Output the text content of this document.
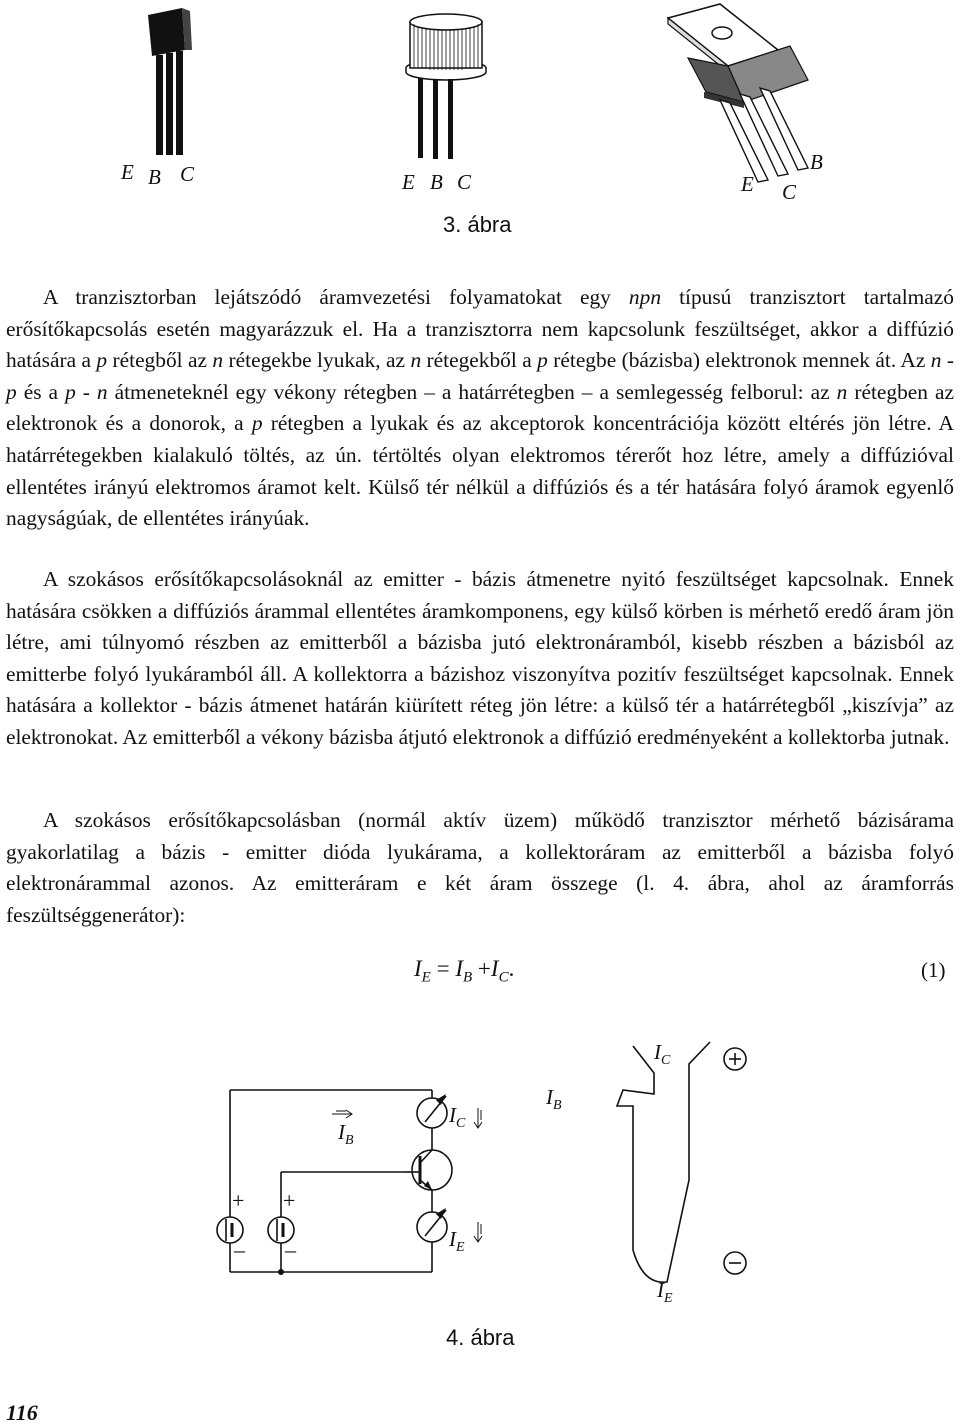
E B C	E B C	E C
B
3. ábra

A tranzisztorban lejátszódó áramvezetési folyamatokat egy npn típusú tranzisztort tartalmazó erősítőkapcsolás esetén magyarázzuk el. Ha a tranzisztorra nem kapcsolunk feszültséget, akkor a diffúzió hatására a p rétegből az n rétegekbe lyukak, az n rétegekből a p rétegbe (bázisba) elektronok mennek át. Az n - p és a p - n átmeneteknél egy vékony rétegben – a határrétegben – a semlegesség felborul: az n rétegben az elektronok és a donorok, a p rétegben a lyukak és az akceptorok koncentrációja között eltérés jön létre. A határrétegekben kialakuló töltés, az ún. tértöltés olyan elektromos térerőt hoz létre, amely a diffúzióval ellentétes irányú elektromos áramot kelt. Külső tér nélkül a diffúziós és a tér hatására folyó áramok egyenlő nagyságúak, de ellentétes irányúak.

A szokásos erősítőkapcsolásoknál az emitter - bázis átmenetre nyitó feszültséget kapcsolnak. Ennek hatására csökken a diffúziós árammal ellentétes áramkomponens, egy külső körben is mérhető eredő áram jön létre, ami túlnyomó részben az emitterből a bázisba jutó elektronáramból, kisebb részben a bázisból az emitterbe folyó lyukáramból áll. A kollektorra a bázishoz viszonyítva pozitív feszültséget kapcsolnak. Ennek hatására a kollektor - bázis átmenet határán kiürített réteg jön létre: a külső tér a határrétegből „kiszívja” az elektronokat. Az emitterből a vékony bázisba átjutó elektronok a diffúzió eredményeként a kollektorba jutnak.

A szokásos erősítőkapcsolásban (normál aktív üzem) működő tranzisztor mérhető bázisárama gyakorlatilag a bázis - emitter dióda lyukárama, a kollektoráram az emitterből a bázisba folyó elektronárammal azonos. Az emitteráram e két áram összege (l. 4. ábra, ahol az áramforrás feszültséggenerátor):

$I_E = I_B +I_C$.	(1)
$I_B$
$I_C$
$I_E$
+ +
– –
$I_C$
$I_B$
$I_E$
4. ábra
116
